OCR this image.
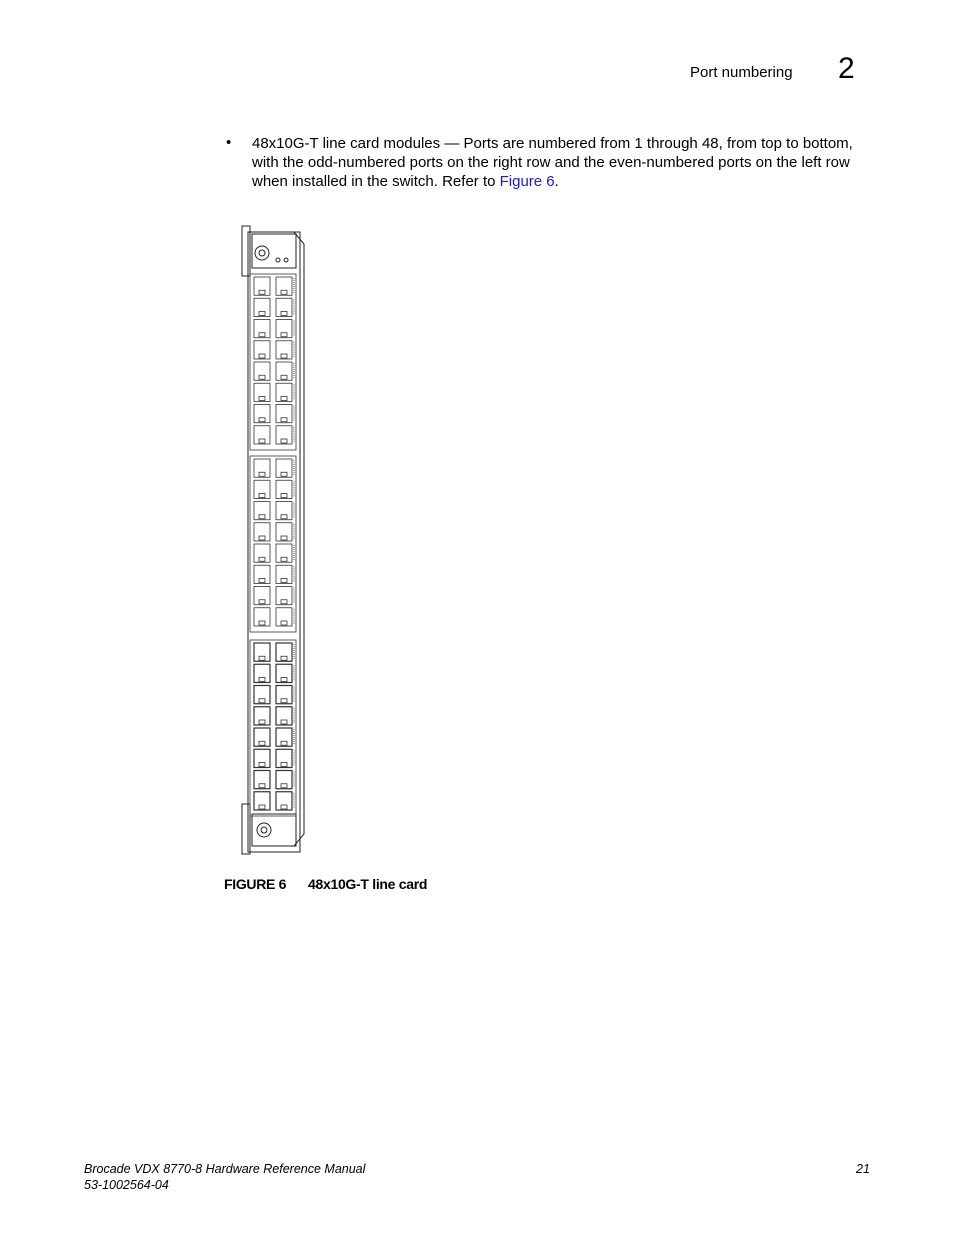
Port numbering 2
• 48x10G-T line card modules — Ports are numbered from 1 through 48, from top to bottom, with the odd-numbered ports on the right row and the even-numbered ports on the left row when installed in the switch. Refer to Figure 6.
FIGURE 6 48x10G-T line card
Brocade VDX 8770-8 Hardware Reference Manual
53-1002564-04
21
